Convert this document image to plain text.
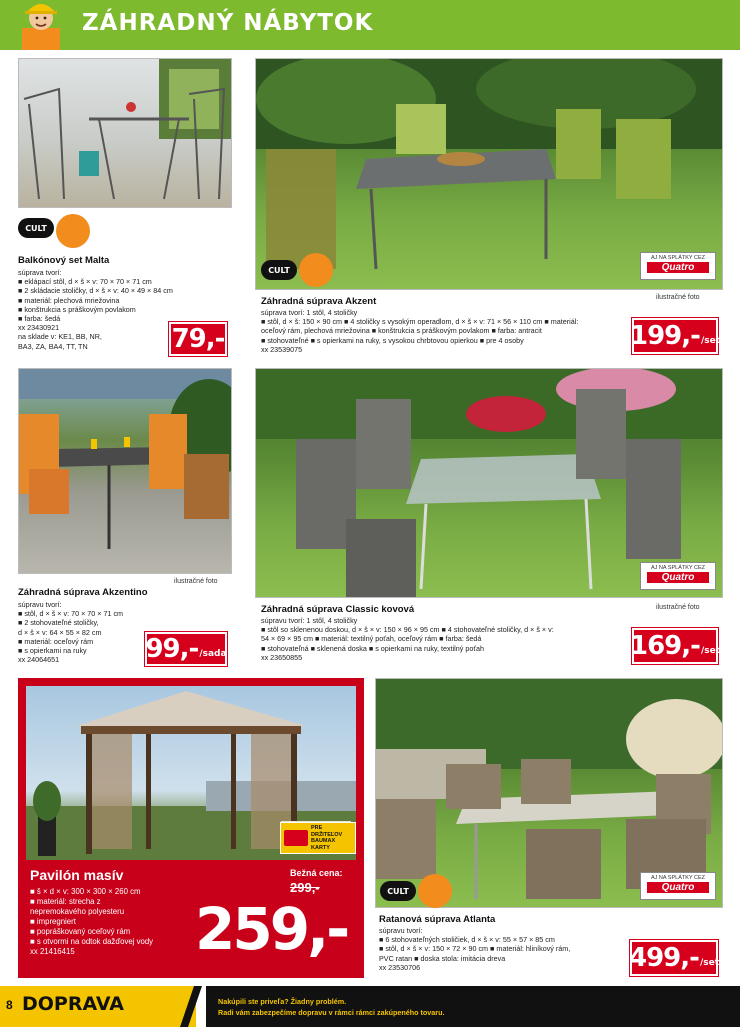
ZÁHRADNÝ NÁBYTOK
CULT
Balkónový set Malta
súprava tvorí:
■ eklápací stôl, d × š × v: 70 × 70 × 71 cm
■ 2 skládacie stoličky, d × š × v: 40 × 49 × 84 cm
■ materiál: plechová mriežovina
■ konštrukcia s práškovým povlakom
■ farba: šedá
xx 23430921
na sklade v: KE1, BB, NR,
BA3, ZA, BA4, TT, TN	79,-
CULT
AJ NA SPLÁTKY CEZ
Quatro
ilustračné foto
Záhradná súprava Akzent
súprava tvorí: 1 stôl, 4 stoličky
■ stôl, d × š: 150 × 90 cm ■ 4 stoličky s vysokým operadlom, d × š × v: 71 × 56 × 110 cm ■ materiál:
oceľový rám, plechová mriežovina ■ konštrukcia s práškovým povlakom ■ farba: antracit
■ stohovateľné ■ s opierkami na ruky, s vysokou chrbtovou opierkou ■ pre 4 osoby
xx 23539075	199,- /set
ilustračné foto
Záhradná súprava Akzentino
súpravu tvorí:
■ stôl, d × š × v: 70 × 70 × 71 cm
■ 2 stohovateľné stoličky,
d × š × v: 64 × 55 × 82 cm
■ materiál: oceľový rám
■ s opierkami na ruky
xx 24064651	99,- /sada
AJ NA SPLÁTKY CEZ
Quatro
ilustračné foto
Záhradná súprava Classic kovová
súpravu tvorí: 1 stôl, 4 stoličky
■ stôl so sklenenou doskou, d × š × v: 150 × 96 × 95 cm ■ 4 stohovateľné stoličky, d × š × v:
54 × 69 × 95 cm ■ materiál: textilný poťah, oceľový rám ■ farba: šedá
■ stohovateľná ■ sklenená doska ■ s opierkami na ruky, textilný poťah
xx 23650855	169,- /set
PRE DRŽITEĽOV BAUMAX KARTY
Pavilón masív
■ š × d × v: 300 × 300 × 260 cm
■ materiál: strecha z
nepremokavého polyesteru
■ impregniert
■ popráškovaný oceľový rám
■ s otvormi na odtok dažďovej vody
xx 21416415
Bežná cena:
299,-
259,-
CULT
AJ NA SPLÁTKY CEZ
Quatro
Ratanová súprava Atlanta
súpravu tvorí:
■ 6 stohovateľných stoličiek, d × š × v: 55 × 57 × 85 cm
■ stôl, d × š × v: 150 × 72 × 90 cm ■ materiál: hliníkový rám,
PVC ratan ■ doska stola: imitácia dreva
xx 23530706	499,- /set
8 DOPRAVA	Nakúpili ste priveľa? Žiadny problém.
Radi vám zabezpečíme dopravu v rámci rámci zakúpeného tovaru.
